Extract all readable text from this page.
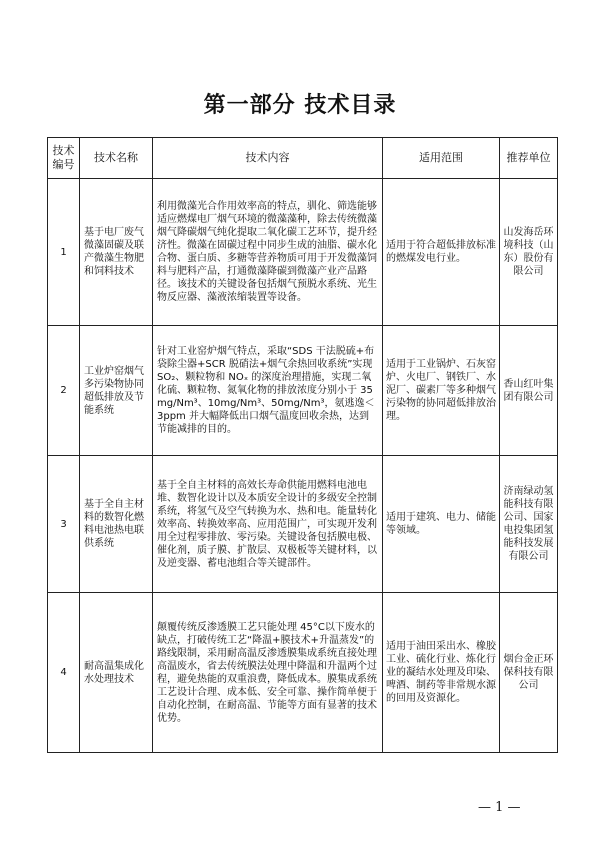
第一部分 技术目录
技术编号	技术名称	技术内容	适用范围	推荐单位
1	基于电厂废气微藻固碳及联产微藻生物肥和饲料技术	利用微藻光合作用效率高的特点，驯化、筛选能够适应燃煤电厂烟气环境的微藻藻种，除去传统微藻烟气降碳烟气纯化提取二氧化碳工艺环节，提升经济性。微藻在固碳过程中同步生成的油脂、碳水化合物、蛋白质、多糖等营养物质可用于开发微藻饲料与肥料产品，打通微藻降碳到微藻产业产品路径。该技术的关键设备包括烟气预脱水系统、光生物反应器、藻液浓缩装置等设备。	适用于符合超低排放标准的燃煤发电行业。	山发海岳环境科技（山东）股份有限公司
2	工业炉窑烟气多污染物协同超低排放及节能系统	针对工业窑炉烟气特点，采取“SDS 干法脱硫+布袋除尘器+SCR 脱硝法+烟气余热回收系统”实现 SO₂、颗粒物和 NOₓ 的深度治理措施，实现二氧化硫、颗粒物、氮氧化物的排放浓度分别小于 35mg/Nm³、10mg/Nm³、50mg/Nm³，氨逃逸＜3ppm 并大幅降低出口烟气温度回收余热，达到节能减排的目的。	适用于工业锅炉、石灰窑炉、火电厂、钢铁厂、水泥厂、碳素厂等多种烟气污染物的协同超低排放治理。	香山红叶集团有限公司
3	基于全自主材料的数智化燃料电池热电联供系统	基于全自主材料的高效长寿命供能用燃料电池电堆、数智化设计以及本质安全设计的多级安全控制系统，将氢气及空气转换为水、热和电。能量转化效率高、转换效率高、应用范围广，可实现开发利用全过程零排放、零污染。关键设备包括膜电极、催化剂，质子膜、扩散层、双极板等关键材料，以及逆变器、蓄电池组合等关键部件。	适用于建筑、电力、储能等领域。	济南绿动氢能科技有限公司、国家电投集团氢能科技发展有限公司
4	耐高温集成化水处理技术	颠覆传统反渗透膜工艺只能处理 45°C以下废水的缺点，打破传统工艺“降温+膜技术+升温蒸发”的路线限制，采用耐高温反渗透膜集成系统直接处理高温废水，省去传统膜法处理中降温和升温两个过程，避免热能的双重浪费，降低成本。膜集成系统工艺设计合理、成本低、安全可靠、操作简单便于自动化控制，在耐高温、节能等方面有显著的技术优势。	适用于油田采出水、橡胶工业、硫化行业、炼化行业的凝结水处理及印染、啤酒、制药等非常规水源的回用及资源化。	烟台金正环保科技有限公司
— 1 —
